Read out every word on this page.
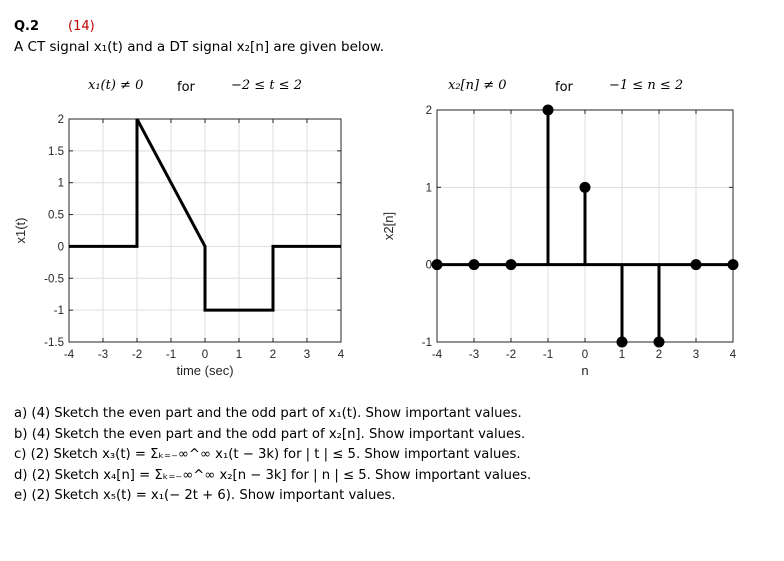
Q.2 (14)
A CT signal x₁(t) and a DT signal x₂[n] are given below.
x₁(t) ≠ 0	for	−2 ≤ t ≤ 2	x₂[n] ≠ 0	for	−1 ≤ n ≤ 2
-4 -3 -2 -1 0 1 2 3 4
-1.5
-1
-0.5
0
0.5
1
1.5
2
time (sec)
x1(t)
-4 -3 -2 -1 0	1	2	3	4
-1
0
1
2
n
x2[n]
a) (4) Sketch the even part and the odd part of x₁(t). Show important values.
b) (4) Sketch the even part and the odd part of x₂[n]. Show important values.
c) (2) Sketch x₃(t) = Σₖ₌₋∞^∞ x₁(t − 3k) for | t | ≤ 5. Show important values.
d) (2) Sketch x₄[n] = Σₖ₌₋∞^∞ x₂[n − 3k] for | n | ≤ 5. Show important values.
e) (2) Sketch x₅(t) = x₁(− 2t + 6). Show important values.
